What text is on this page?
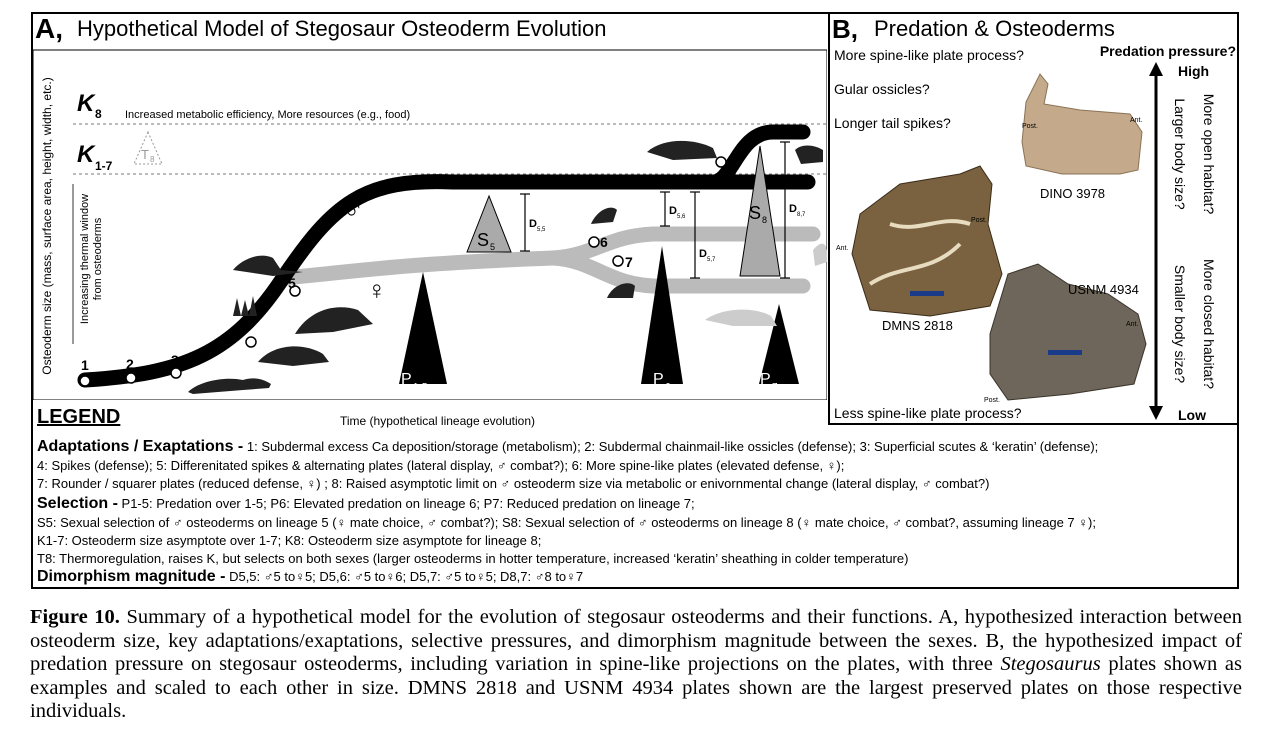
A, Hypothetical Model of Stegosaur Osteoderm Evolution
Osteoderm size (mass, surface area, height, width, etc.) Increasing thermal window from osteoderms
K 8 Increased metabolic efficiency, More resources (e.g., food)
K 1-7
T 8
♂
♀
P 1-5	P 6	P 7
S 5
S 8
D 5,5
D 5,6
D 5,7
D 8,7
1	2	3
4
5
6
7
8
Time (hypothetical lineage evolution)
B, Predation & Osteoderms
More spine-like plate process?
Gular ossicles?
Longer tail spikes?
Less spine-like plate process?
Predation pressure?
High
Low
Larger body size? More open habitat?
Smaller body size? More closed habitat?
Post.
Ant.
DINO 3978
Post.
Ant.
DMNS 2818
USNM 4934
Ant.
Post.
LEGEND
Adaptations / Exaptations - 1: Subdermal excess Ca deposition/storage (metabolism); 2: Subdermal chainmail-like ossicles (defense); 3: Superficial scutes & ‘keratin’ (defense);
4: Spikes (defense); 5: Differenitated spikes & alternating plates (lateral display, ♂ combat?); 6: More spine-like plates (elevated defense, ♀);
7: Rounder / squarer plates (reduced defense, ♀) ; 8: Raised asymptotic limit on ♂ osteoderm size via metabolic or enivornmental change (lateral display, ♂ combat?)
Selection - P1-5: Predation over 1-5; P6: Elevated predation on lineage 6; P7: Reduced predation on lineage 7;
S5: Sexual selection of ♂ osteoderms on lineage 5 (♀ mate choice, ♂ combat?); S8: Sexual selection of ♂ osteoderms on lineage 8 (♀ mate choice, ♂ combat?, assuming lineage 7 ♀);
K1-7: Osteoderm size asymptote over 1-7; K8: Osteoderm size asymptote for lineage 8;
T8: Thermoregulation, raises K, but selects on both sexes (larger osteoderms in hotter temperature, increased ‘keratin’ sheathing in colder temperature)
Dimorphism magnitude - D5,5: ♂5 to♀5; D5,6: ♂5 to♀6; D5,7: ♂5 to♀5; D8,7: ♂8 to♀7
Figure 10. Summary of a hypothetical model for the evolution of stegosaur osteoderms and their functions. A, hypothesized interaction between osteoderm size, key adaptations/exaptations, selective pressures, and dimorphism magnitude between the sexes. B, the hypothesized impact of predation pressure on stegosaur osteoderms, including variation in spine-like projections on the plates, with three Stegosaurus plates shown as examples and scaled to each other in size. DMNS 2818 and USNM 4934 plates shown are the largest preserved plates on those respective individuals.
